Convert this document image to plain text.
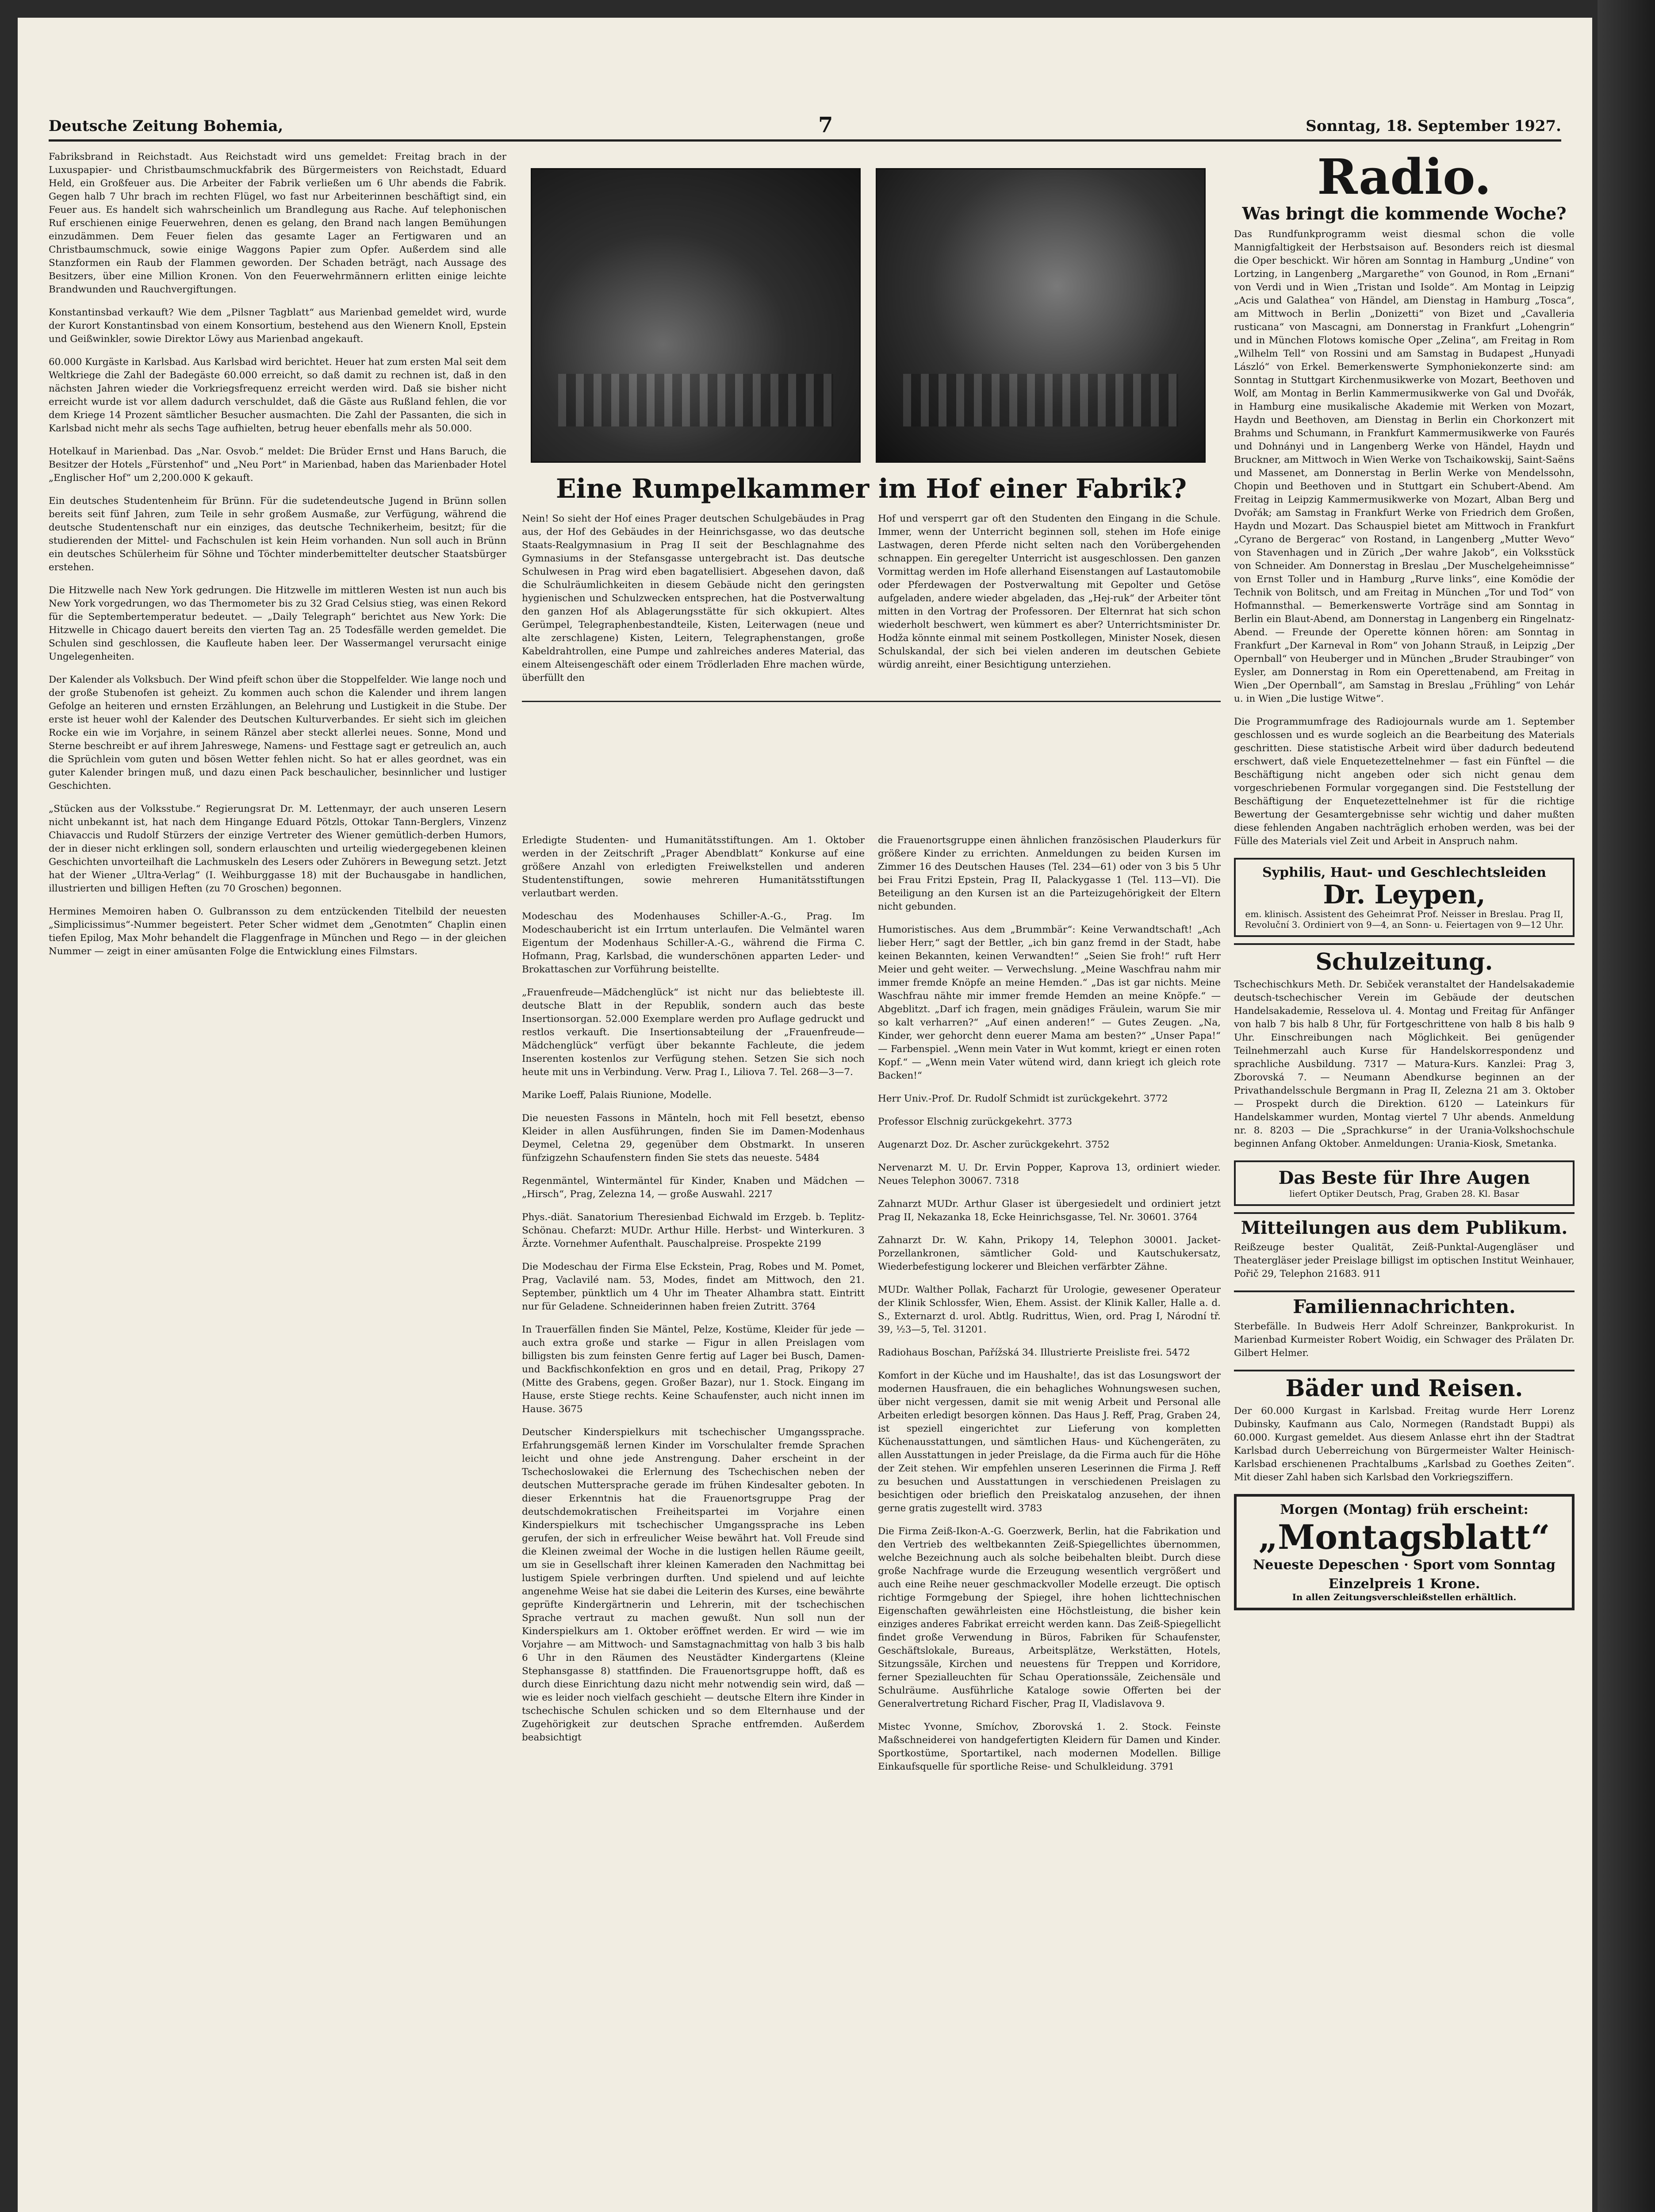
Deutsche Zeitung Bohemia,	7	Sonntag, 18. September 1927.

Fabriksbrand in Reichstadt. Aus Reichstadt wird uns gemeldet: Freitag brach in der Luxuspapier- und Christbaumschmuckfabrik des Bürgermeisters von Reichstadt, Eduard Held, ein Großfeuer aus. Die Arbeiter der Fabrik verließen um 6 Uhr abends die Fabrik. Gegen halb 7 Uhr brach im rechten Flügel, wo fast nur Arbeiterinnen beschäftigt sind, ein Feuer aus. Es handelt sich wahrscheinlich um Brandlegung aus Rache. Auf telephonischen Ruf erschienen einige Feuerwehren, denen es gelang, den Brand nach langen Bemühungen einzudämmen. Dem Feuer fielen das gesamte Lager an Fertigwaren und an Christbaumschmuck, sowie einige Waggons Papier zum Opfer. Außerdem sind alle Stanzformen ein Raub der Flammen geworden. Der Schaden beträgt, nach Aussage des Besitzers, über eine Million Kronen. Von den Feuerwehrmännern erlitten einige leichte Brandwunden und Rauchvergiftungen.

Konstantinsbad verkauft? Wie dem „Pilsner Tagblatt“ aus Marienbad gemeldet wird, wurde der Kurort Konstantinsbad von einem Konsortium, bestehend aus den Wienern Knoll, Epstein und Geißwinkler, sowie Direktor Löwy aus Marienbad angekauft.

60.000 Kurgäste in Karlsbad. Aus Karlsbad wird berichtet. Heuer hat zum ersten Mal seit dem Weltkriege die Zahl der Badegäste 60.000 erreicht, so daß damit zu rechnen ist, daß in den nächsten Jahren wieder die Vorkriegsfrequenz erreicht werden wird. Daß sie bisher nicht erreicht wurde ist vor allem dadurch verschuldet, daß die Gäste aus Rußland fehlen, die vor dem Kriege 14 Prozent sämtlicher Besucher ausmachten. Die Zahl der Passanten, die sich in Karlsbad nicht mehr als sechs Tage aufhielten, betrug heuer ebenfalls mehr als 50.000.

Hotelkauf in Marienbad. Das „Nar. Osvob.“ meldet: Die Brüder Ernst und Hans Baruch, die Besitzer der Hotels „Fürstenhof“ und „Neu Port“ in Marienbad, haben das Marienbader Hotel „Englischer Hof“ um 2,200.000 K gekauft.

Ein deutsches Studentenheim für Brünn. Für die sudetendeutsche Jugend in Brünn sollen bereits seit fünf Jahren, zum Teile in sehr großem Ausmaße, zur Verfügung, während die deutsche Studentenschaft nur ein einziges, das deutsche Technikerheim, besitzt; für die studierenden der Mittel- und Fachschulen ist kein Heim vorhanden. Nun soll auch in Brünn ein deutsches Schülerheim für Söhne und Töchter minderbemittelter deutscher Staatsbürger erstehen.

Die Hitzwelle nach New York gedrungen. Die Hitzwelle im mittleren Westen ist nun auch bis New York vorgedrungen, wo das Thermometer bis zu 32 Grad Celsius stieg, was einen Rekord für die Septembertemperatur bedeutet. — „Daily Telegraph“ berichtet aus New York: Die Hitzwelle in Chicago dauert bereits den vierten Tag an. 25 Todesfälle werden gemeldet. Die Schulen sind geschlossen, die Kaufleute haben leer. Der Wassermangel verursacht einige Ungelegenheiten.

Der Kalender als Volksbuch. Der Wind pfeift schon über die Stoppelfelder. Wie lange noch und der große Stubenofen ist geheizt. Zu kommen auch schon die Kalender und ihrem langen Gefolge an heiteren und ernsten Erzählungen, an Belehrung und Lustigkeit in die Stube. Der erste ist heuer wohl der Kalender des Deutschen Kulturverbandes. Er sieht sich im gleichen Rocke ein wie im Vorjahre, in seinem Ränzel aber steckt allerlei neues. Sonne, Mond und Sterne beschreibt er auf ihrem Jahreswege, Namens- und Festtage sagt er getreulich an, auch die Sprüchlein vom guten und bösen Wetter fehlen nicht. So hat er alles geordnet, was ein guter Kalender bringen muß, und dazu einen Pack beschaulicher, besinnlicher und lustiger Geschichten.

„Stücken aus der Volksstube.“ Regierungsrat Dr. M. Lettenmayr, der auch unseren Lesern nicht unbekannt ist, hat nach dem Hingange Eduard Pötzls, Ottokar Tann-Berglers, Vinzenz Chiavaccis und Rudolf Stürzers der einzige Vertreter des Wiener gemütlich-derben Humors, der in dieser nicht erklingen soll, sondern erlauschten und urteilig wiedergegebenen kleinen Geschichten unvorteilhaft die Lachmuskeln des Lesers oder Zuhörers in Bewegung setzt. Jetzt hat der Wiener „Ultra-Verlag“ (I. Weihburggasse 18) mit der Buchausgabe in handlichen, illustrierten und billigen Heften (zu 70 Groschen) begonnen.

Hermines Memoiren haben O. Gulbransson zu dem entzückenden Titelbild der neuesten „Simplicissimus“-Nummer begeistert. Peter Scher widmet dem „Genotmten“ Chaplin einen tiefen Epilog, Max Mohr behandelt die Flaggenfrage in München und Rego — in der gleichen Nummer — zeigt in einer amüsanten Folge die Entwicklung eines Filmstars.

Eine Rumpelkammer im Hof einer Fabrik?

Nein! So sieht der Hof eines Prager deutschen Schulgebäudes in Prag aus, der Hof des Gebäudes in der Heinrichsgasse, wo das deutsche Staats-Realgymnasium in Prag II seit der Beschlagnahme des Gymnasiums in der Stefansgasse untergebracht ist. Das deutsche Schulwesen in Prag wird eben bagatellisiert. Abgesehen davon, daß die Schulräumlichkeiten in diesem Gebäude nicht den geringsten hygienischen und Schulzwecken entsprechen, hat die Postverwaltung den ganzen Hof als Ablagerungsstätte für sich okkupiert. Altes Gerümpel, Telegraphenbestandteile, Kisten, Leiterwagen (neue und alte zerschlagene) Kisten, Leitern, Telegraphenstangen, große Kabeldrahtrollen, eine Pumpe und zahlreiches anderes Material, das einem Alteisengeschäft oder einem Trödlerladen Ehre machen würde, überfüllt den

Hof und versperrt gar oft den Studenten den Eingang in die Schule. Immer, wenn der Unterricht beginnen soll, stehen im Hofe einige Lastwagen, deren Pferde nicht selten nach den Vorübergehenden schnappen. Ein geregelter Unterricht ist ausgeschlossen. Den ganzen Vormittag werden im Hofe allerhand Eisenstangen auf Lastautomobile oder Pferdewagen der Postverwaltung mit Gepolter und Getöse aufgeladen, andere wieder abgeladen, das „Hej-ruk“ der Arbeiter tönt mitten in den Vortrag der Professoren. Der Elternrat hat sich schon wiederholt beschwert, wen kümmert es aber? Unterrichtsminister Dr. Hodža könnte einmal mit seinem Postkollegen, Minister Nosek, diesen Schulskandal, der sich bei vielen anderen im deutschen Gebiete würdig anreiht, einer Besichtigung unterziehen.

Erledigte Studenten- und Humanitätsstiftungen. Am 1. Oktober werden in der Zeitschrift „Prager Abendblatt“ Konkurse auf eine größere Anzahl von erledigten Freiwelkstellen und anderen Studentenstiftungen, sowie mehreren Humanitätsstiftungen verlautbart werden.

Modeschau des Modenhauses Schiller-A.-G., Prag. Im Modeschaubericht ist ein Irrtum unterlaufen. Die Velmäntel waren Eigentum der Modenhaus Schiller-A.-G., während die Firma C. Hofmann, Prag, Karlsbad, die wunderschönen apparten Leder- und Brokattaschen zur Vorführung beistellte.

„Frauenfreude—Mädchenglück“ ist nicht nur das beliebteste ill. deutsche Blatt in der Republik, sondern auch das beste Insertionsorgan. 52.000 Exemplare werden pro Auflage gedruckt und restlos verkauft. Die Insertionsabteilung der „Frauenfreude—Mädchenglück“ verfügt über bekannte Fachleute, die jedem Inserenten kostenlos zur Verfügung stehen. Setzen Sie sich noch heute mit uns in Verbindung. Verw. Prag I., Liliova 7. Tel. 268—3—7.

Marike Loeff, Palais Riunione, Modelle.

Die neuesten Fassons in Mänteln, hoch mit Fell besetzt, ebenso Kleider in allen Ausführungen, finden Sie im Damen-Modenhaus Deymel, Celetna 29, gegenüber dem Obstmarkt. In unseren fünfzigzehn Schaufenstern finden Sie stets das neueste. 5484

Regenmäntel, Wintermäntel für Kinder, Knaben und Mädchen — „Hirsch“, Prag, Zelezna 14, — große Auswahl. 2217

Phys.-diät. Sanatorium Theresienbad Eichwald im Erzgeb. b. Teplitz-Schönau. Chefarzt: MUDr. Arthur Hille. Herbst- und Winterkuren. 3 Ärzte. Vornehmer Aufenthalt. Pauschalpreise. Prospekte 2199

Die Modeschau der Firma Else Eckstein, Prag, Robes und M. Pomet, Prag, Vaclavilé nam. 53, Modes, findet am Mittwoch, den 21. September, pünktlich um 4 Uhr im Theater Alhambra statt. Eintritt nur für Geladene. Schneiderinnen haben freien Zutritt. 3764

In Trauerfällen finden Sie Mäntel, Pelze, Kostüme, Kleider für jede — auch extra große und starke — Figur in allen Preislagen vom billigsten bis zum feinsten Genre fertig auf Lager bei Busch, Damen- und Backfischkonfektion en gros und en detail, Prag, Prikopy 27 (Mitte des Grabens, gegen. Großer Bazar), nur 1. Stock. Eingang im Hause, erste Stiege rechts. Keine Schaufenster, auch nicht innen im Hause. 3675

Deutscher Kinderspielkurs mit tschechischer Umgangssprache. Erfahrungsgemäß lernen Kinder im Vorschulalter fremde Sprachen leicht und ohne jede Anstrengung. Daher erscheint in der Tschechoslowakei die Erlernung des Tschechischen neben der deutschen Muttersprache gerade im frühen Kindesalter geboten. In dieser Erkenntnis hat die Frauenortsgruppe Prag der deutschdemokratischen Freiheitspartei im Vorjahre einen Kinderspielkurs mit tschechischer Umgangssprache ins Leben gerufen, der sich in erfreulicher Weise bewährt hat. Voll Freude sind die Kleinen zweimal der Woche in die lustigen hellen Räume geeilt, um sie in Gesellschaft ihrer kleinen Kameraden den Nachmittag bei lustigem Spiele verbringen durften. Und spielend und auf leichte angenehme Weise hat sie dabei die Leiterin des Kurses, eine bewährte geprüfte Kindergärtnerin und Lehrerin, mit der tschechischen Sprache vertraut zu machen gewußt. Nun soll nun der Kinderspielkurs am 1. Oktober eröffnet werden. Er wird — wie im Vorjahre — am Mittwoch- und Samstagnachmittag von halb 3 bis halb 6 Uhr in den Räumen des Neustädter Kindergartens (Kleine Stephansgasse 8) stattfinden. Die Frauenortsgruppe hofft, daß es durch diese Einrichtung dazu nicht mehr notwendig sein wird, daß — wie es leider noch vielfach geschieht — deutsche Eltern ihre Kinder in tschechische Schulen schicken und so dem Elternhause und der Zugehörigkeit zur deutschen Sprache entfremden. Außerdem beabsichtigt

die Frauenortsgruppe einen ähnlichen französischen Plauderkurs für größere Kinder zu errichten. Anmeldungen zu beiden Kursen im Zimmer 16 des Deutschen Hauses (Tel. 234—61) oder von 3 bis 5 Uhr bei Frau Fritzi Epstein, Prag II, Palackygasse 1 (Tel. 113—VI). Die Beteiligung an den Kursen ist an die Parteizugehörigkeit der Eltern nicht gebunden.

Humoristisches. Aus dem „Brummbär“: Keine Verwandtschaft! „Ach lieber Herr,“ sagt der Bettler, „ich bin ganz fremd in der Stadt, habe keinen Bekannten, keinen Verwandten!“ „Seien Sie froh!“ ruft Herr Meier und geht weiter. — Verwechslung. „Meine Waschfrau nahm mir immer fremde Knöpfe an meine Hemden.“ „Das ist gar nichts. Meine Waschfrau nähte mir immer fremde Hemden an meine Knöpfe.“ — Abgeblitzt. „Darf ich fragen, mein gnädiges Fräulein, warum Sie mir so kalt verharren?“ „Auf einen anderen!“ — Gutes Zeugen. „Na, Kinder, wer gehorcht denn euerer Mama am besten?“ „Unser Papa!“ — Farbenspiel. „Wenn mein Vater in Wut kommt, kriegt er einen roten Kopf.“ — „Wenn mein Vater wütend wird, dann kriegt ich gleich rote Backen!“

Herr Univ.-Prof. Dr. Rudolf Schmidt ist zurückgekehrt. 3772

Professor Elschnig zurückgekehrt. 3773

Augenarzt Doz. Dr. Ascher zurückgekehrt. 3752

Nervenarzt M. U. Dr. Ervin Popper, Kaprova 13, ordiniert wieder. Neues Telephon 30067. 7318

Zahnarzt MUDr. Arthur Glaser ist übergesiedelt und ordiniert jetzt Prag II, Nekazanka 18, Ecke Heinrichsgasse, Tel. Nr. 30601. 3764

Zahnarzt Dr. W. Kahn, Prikopy 14, Telephon 30001. Jacket-Porzellankronen, sämtlicher Gold- und Kautschukersatz, Wiederbefestigung lockerer und Bleichen verfärbter Zähne.

MUDr. Walther Pollak, Facharzt für Urologie, gewesener Operateur der Klinik Schlossfer, Wien, Ehem. Assist. der Klinik Kaller, Halle a. d. S., Externarzt d. urol. Abtlg. Rudrittus, Wien, ord. Prag I, Národní tř. 39, ½3—5, Tel. 31201.

Radiohaus Boschan, Pařížská 34. Illustrierte Preisliste frei. 5472

Komfort in der Küche und im Haushalte!, das ist das Losungswort der modernen Hausfrauen, die ein behagliches Wohnungswesen suchen, über nicht vergessen, damit sie mit wenig Arbeit und Personal alle Arbeiten erledigt besorgen können. Das Haus J. Reff, Prag, Graben 24, ist speziell eingerichtet zur Lieferung von kompletten Küchenausstattungen, und sämtlichen Haus- und Küchengeräten, zu allen Ausstattungen in jeder Preislage, da die Firma auch für die Höhe der Zeit stehen. Wir empfehlen unseren Leserinnen die Firma J. Reff zu besuchen und Ausstattungen in verschiedenen Preislagen zu besichtigen oder brieflich den Preiskatalog anzusehen, der ihnen gerne gratis zugestellt wird. 3783

Die Firma Zeiß-Ikon-A.-G. Goerzwerk, Berlin, hat die Fabrikation und den Vertrieb des weltbekannten Zeiß-Spiegellichtes übernommen, welche Bezeichnung auch als solche beibehalten bleibt. Durch diese große Nachfrage wurde die Erzeugung wesentlich vergrößert und auch eine Reihe neuer geschmackvoller Modelle erzeugt. Die optisch richtige Formgebung der Spiegel, ihre hohen lichttechnischen Eigenschaften gewährleisten eine Höchstleistung, die bisher kein einziges anderes Fabrikat erreicht werden kann. Das Zeiß-Spiegellicht findet große Verwendung in Büros, Fabriken für Schaufenster, Geschäftslokale, Bureaus, Arbeitsplätze, Werkstätten, Hotels, Sitzungssäle, Kirchen und neuestens für Treppen und Korridore, ferner Spezialleuchten für Schau Operationssäle, Zeichensäle und Schulräume. Ausführliche Kataloge sowie Offerten bei der Generalvertretung Richard Fischer, Prag II, Vladislavova 9.

Mistec Yvonne, Smíchov, Zborovská 1. 2. Stock. Feinste Maßschneiderei von handgefertigten Kleidern für Damen und Kinder. Sportkostüme, Sportartikel, nach modernen Modellen. Billige Einkaufsquelle für sportliche Reise- und Schulkleidung. 3791

Radio.
Was bringt die kommende Woche?

Das Rundfunkprogramm weist diesmal schon die volle Mannigfaltigkeit der Herbstsaison auf. Besonders reich ist diesmal die Oper beschickt. Wir hören am Sonntag in Hamburg „Undine“ von Lortzing, in Langenberg „Margarethe“ von Gounod, in Rom „Ernani“ von Verdi und in Wien „Tristan und Isolde“. Am Montag in Leipzig „Acis und Galathea“ von Händel, am Dienstag in Hamburg „Tosca“, am Mittwoch in Berlin „Donizetti“ von Bizet und „Cavalleria rusticana“ von Mascagni, am Donnerstag in Frankfurt „Lohengrin“ und in München Flotows komische Oper „Zelina“, am Freitag in Rom „Wilhelm Tell“ von Rossini und am Samstag in Budapest „Hunyadi László“ von Erkel. Bemerkenswerte Symphoniekonzerte sind: am Sonntag in Stuttgart Kirchenmusikwerke von Mozart, Beethoven und Wolf, am Montag in Berlin Kammermusikwerke von Gal und Dvořák, in Hamburg eine musikalische Akademie mit Werken von Mozart, Haydn und Beethoven, am Dienstag in Berlin ein Chorkonzert mit Brahms und Schumann, in Frankfurt Kammermusikwerke von Faurés und Dohnányi und in Langenberg Werke von Händel, Haydn und Bruckner, am Mittwoch in Wien Werke von Tschaikowskij, Saint-Saëns und Massenet, am Donnerstag in Berlin Werke von Mendelssohn, Chopin und Beethoven und in Stuttgart ein Schubert-Abend. Am Freitag in Leipzig Kammermusikwerke von Mozart, Alban Berg und Dvořák; am Samstag in Frankfurt Werke von Friedrich dem Großen, Haydn und Mozart. Das Schauspiel bietet am Mittwoch in Frankfurt „Cyrano de Bergerac“ von Rostand, in Langenberg „Mutter Wevo“ von Stavenhagen und in Zürich „Der wahre Jakob“, ein Volksstück von Schneider. Am Donnerstag in Breslau „Der Muschelgeheimnisse“ von Ernst Toller und in Hamburg „Rurve links“, eine Komödie der Technik von Bolitsch, und am Freitag in München „Tor und Tod“ von Hofmannsthal. — Bemerkenswerte Vorträge sind am Sonntag in Berlin ein Blaut-Abend, am Donnerstag in Langenberg ein Ringelnatz-Abend. — Freunde der Operette können hören: am Sonntag in Frankfurt „Der Karneval in Rom“ von Johann Strauß, in Leipzig „Der Opernball“ von Heuberger und in München „Bruder Straubinger“ von Eysler, am Donnerstag in Rom ein Operettenabend, am Freitag in Wien „Der Opernball“, am Samstag in Breslau „Frühling“ von Lehár u. in Wien „Die lustige Witwe“.

Die Programmumfrage des Radiojournals wurde am 1. September geschlossen und es wurde sogleich an die Bearbeitung des Materials geschritten. Diese statistische Arbeit wird über dadurch bedeutend erschwert, daß viele Enquetezettelnehmer — fast ein Fünftel — die Beschäftigung nicht angeben oder sich nicht genau dem vorgeschriebenen Formular vorgegangen sind. Die Feststellung der Beschäftigung der Enquetezettelnehmer ist für die richtige Bewertung der Gesamtergebnisse sehr wichtig und daher mußten diese fehlenden Angaben nachträglich erhoben werden, was bei der Fülle des Materials viel Zeit und Arbeit in Anspruch nahm.

Syphilis, Haut- und Geschlechtsleiden
Dr. Leypen,
em. klinisch. Assistent des Geheimrat Prof. Neisser in Breslau. Prag II, Revoluční 3. Ordiniert von 9—4, an Sonn- u. Feiertagen von 9—12 Uhr.
Schulzeitung.

Tschechischkurs Meth. Dr. Sebiček veranstaltet der Handelsakademie deutsch-tschechischer Verein im Gebäude der deutschen Handelsakademie, Resselova ul. 4. Montag und Freitag für Anfänger von halb 7 bis halb 8 Uhr, für Fortgeschrittene von halb 8 bis halb 9 Uhr. Einschreibungen nach Möglichkeit. Bei genügender Teilnehmerzahl auch Kurse für Handelskorrespondenz und sprachliche Ausbildung. 7317 — Matura-Kurs. Kanzlei: Prag 3, Zborovská 7. — Neumann Abendkurse beginnen an der Privathandelsschule Bergmann in Prag II, Zelezna 21 am 3. Oktober — Prospekt durch die Direktion. 6120 — Lateinkurs für Handelskammer wurden, Montag viertel 7 Uhr abends. Anmeldung nr. 8. 8203 — Die „Sprachkurse“ in der Urania-Volkshochschule beginnen Anfang Oktober. Anmeldungen: Urania-Kiosk, Smetanka.

Das Beste für Ihre Augen
liefert Optiker Deutsch, Prag, Graben 28. Kl. Basar
Mitteilungen aus dem Publikum.

Reißzeuge bester Qualität, Zeiß-Punktal-Augengläser und Theatergläser jeder Preislage billigst im optischen Institut Weinhauer, Pořič 29, Telephon 21683. 911

Familiennachrichten.

Sterbefälle. In Budweis Herr Adolf Schreinzer, Bankprokurist. In Marienbad Kurmeister Robert Woidig, ein Schwager des Prälaten Dr. Gilbert Helmer.

Bäder und Reisen.

Der 60.000 Kurgast in Karlsbad. Freitag wurde Herr Lorenz Dubinsky, Kaufmann aus Calo, Normegen (Randstadt Buppi) als 60.000. Kurgast gemeldet. Aus diesem Anlasse ehrt ihn der Stadtrat Karlsbad durch Ueberreichung von Bürgermeister Walter Heinisch-Karlsbad erschienenen Prachtalbums „Karlsbad zu Goethes Zeiten“. Mit dieser Zahl haben sich Karlsbad den Vorkriegsziffern.

Morgen (Montag) früh erscheint:
„Montagsblatt“
Neueste Depeschen · Sport vom Sonntag
Einzelpreis 1 Krone.
In allen Zeitungsverschleißstellen erhältlich.
